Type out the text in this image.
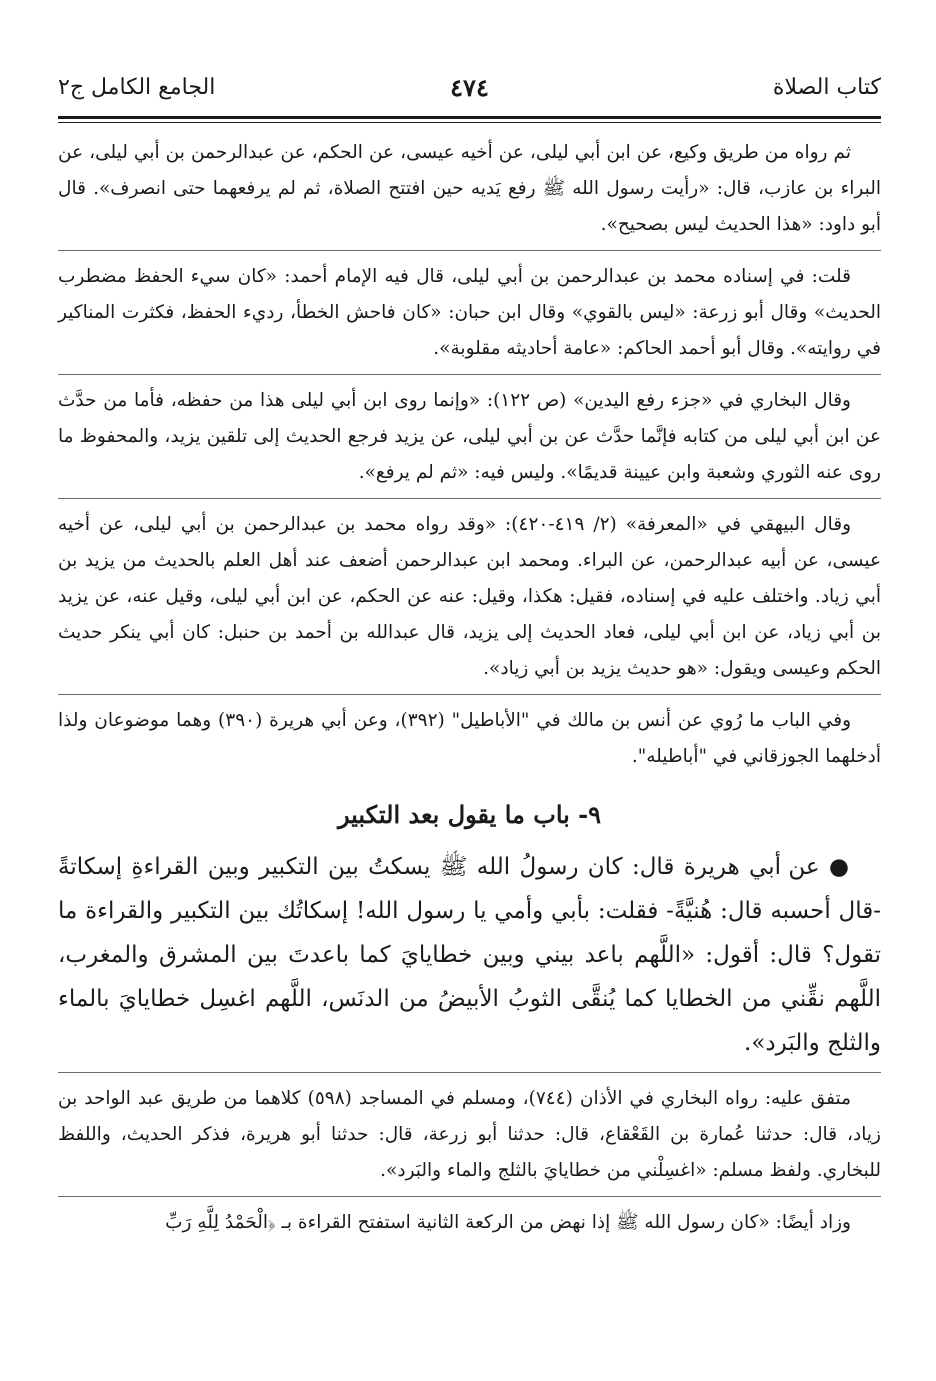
كتاب الصلاة
٤٧٤
الجامع الكامل ج٢

ثم رواه من طريق وكيع، عن ابن أبي ليلى، عن أخيه عيسى، عن الحكم، عن عبدالرحمن بن أبي ليلى، عن البراء بن عازب، قال: «رأيت رسول الله ﷺ رفع يَديه حين افتتح الصلاة، ثم لم يرفعهما حتى انصرف». قال أبو داود: «هذا الحديث ليس بصحيح».

قلت: في إسناده محمد بن عبدالرحمن بن أبي ليلى، قال فيه الإمام أحمد: «كان سيء الحفظ مضطرب الحديث» وقال أبو زرعة: «ليس بالقوي» وقال ابن حبان: «كان فاحش الخطأ، رديء الحفظ، فكثرت المناكير في روايته». وقال أبو أحمد الحاكم: «عامة أحاديثه مقلوبة».

وقال البخاري في «جزء رفع اليدين» (ص ١٢٢): «وإنما روى ابن أبي ليلى هذا من حفظه، فأما من حدَّث عن ابن أبي ليلى من كتابه فإنَّما حدَّث عن بن أبي ليلى، عن يزيد فرجع الحديث إلى تلقين يزيد، والمحفوظ ما روى عنه الثوري وشعبة وابن عيينة قديمًا». وليس فيه: «ثم لم يرفع».

وقال البيهقي في «المعرفة» (٢/ ٤١٩-٤٢٠): «وقد رواه محمد بن عبدالرحمن بن أبي ليلى، عن أخيه عيسى، عن أبيه عبدالرحمن، عن البراء. ومحمد ابن عبدالرحمن أضعف عند أهل العلم بالحديث من يزيد بن أبي زياد. واختلف عليه في إسناده، فقيل: هكذا، وقيل: عنه عن الحكم، عن ابن أبي ليلى، وقيل عنه، عن يزيد بن أبي زياد، عن ابن أبي ليلى، فعاد الحديث إلى يزيد، قال عبدالله بن أحمد بن حنبل: كان أبي ينكر حديث الحكم وعيسى ويقول: «هو حديث يزيد بن أبي زياد».

وفي الباب ما رُوي عن أنس بن مالك في "الأباطيل" (٣٩٢)، وعن أبي هريرة (٣٩٠) وهما موضوعان ولذا أدخلهما الجوزقاني في "أباطيله".

٩- باب ما يقول بعد التكبير

● عن أبي هريرة قال: كان رسولُ الله ﷺ يسكتُ بين التكبير وبين القراءةِ إسكاتةً -قال أحسبه قال: هُنيَّةً- فقلت: بأبي وأمي يا رسول الله! إسكاتُك بين التكبير والقراءة ما تقول؟ قال: أقول: «اللَّهم باعد بيني وبين خطايايَ كما باعدتَ بين المشرق والمغرب، اللَّهم نقِّني من الخطايا كما يُنقَّى الثوبُ الأبيضُ من الدنَس، اللَّهم اغسِل خطايايَ بالماء والثلج والبَرد».

متفق عليه: رواه البخاري في الأذان (٧٤٤)، ومسلم في المساجد (٥٩٨) كلاهما من طريق عبد الواحد بن زياد، قال: حدثنا عُمارة بن القَعْقاع، قال: حدثنا أبو زرعة، قال: حدثنا أبو هريرة، فذكر الحديث، واللفظ للبخاري. ولفظ مسلم: «اغسِلْني من خطايايَ بالثلج والماء والبَرد».

وزاد أيضًا: «كان رسول الله ﷺ إذا نهض من الركعة الثانية استفتح القراءة بـ ﴿الْحَمْدُ لِلَّهِ رَبِّ
